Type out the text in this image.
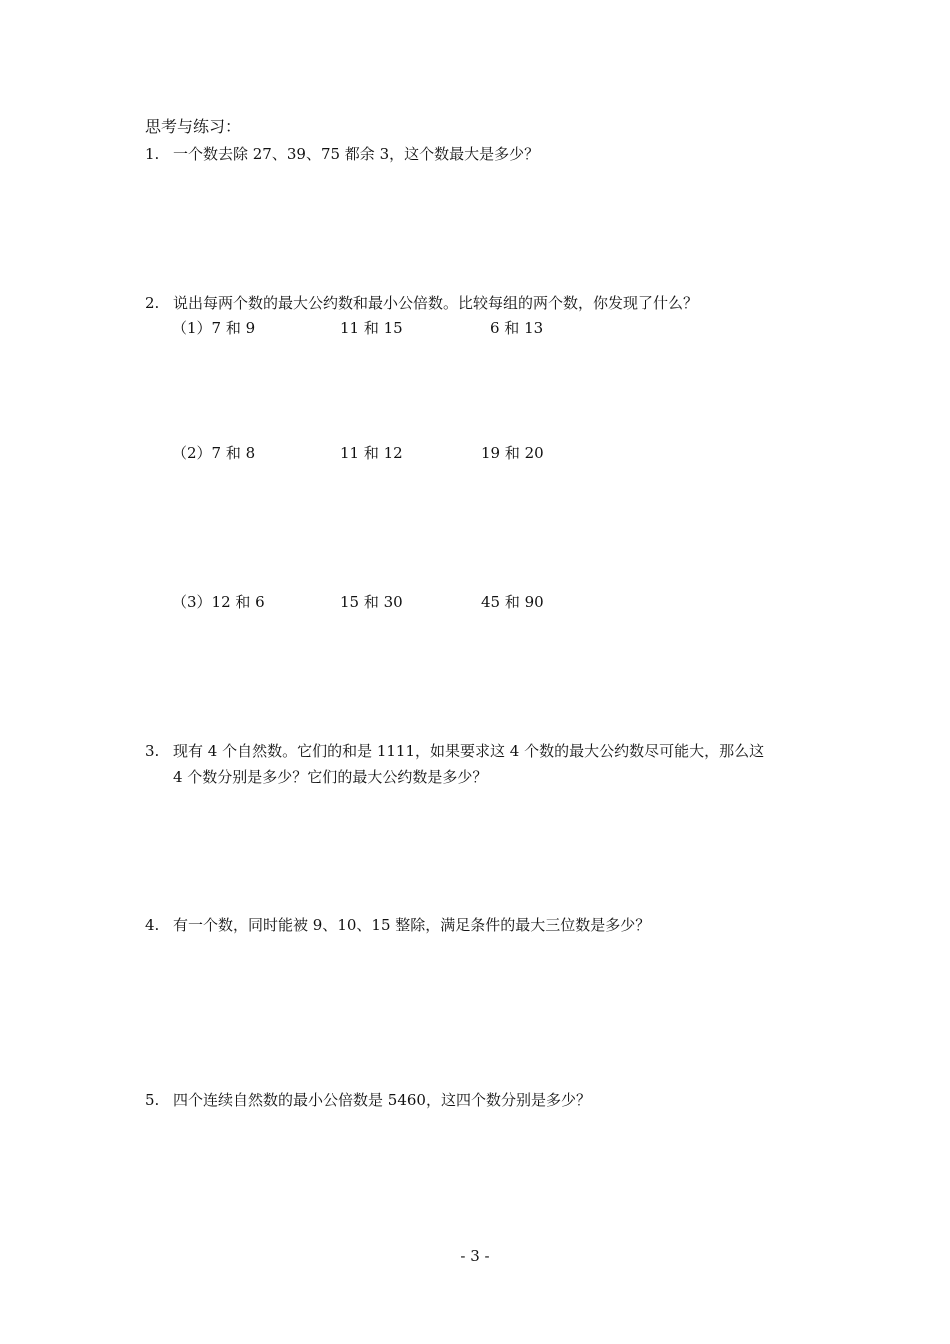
思考与练习：
1. 一个数去除 27、39、75 都余 3，这个数最大是多少？
2. 说出每两个数的最大公约数和最小公倍数。比较每组的两个数，你发现了什么？
（1）7 和 9	11 和 15	6 和 13
（2）7 和 8	11 和 12	19 和 20
（3）12 和 6	15 和 30	45 和 90
3. 现有 4 个自然数。它们的和是 1111，如果要求这 4 个数的最大公约数尽可能大，那么这
4 个数分别是多少？它们的最大公约数是多少？
4. 有一个数，同时能被 9、10、15 整除，满足条件的最大三位数是多少？
5. 四个连续自然数的最小公倍数是 5460，这四个数分别是多少？
- 3 -
